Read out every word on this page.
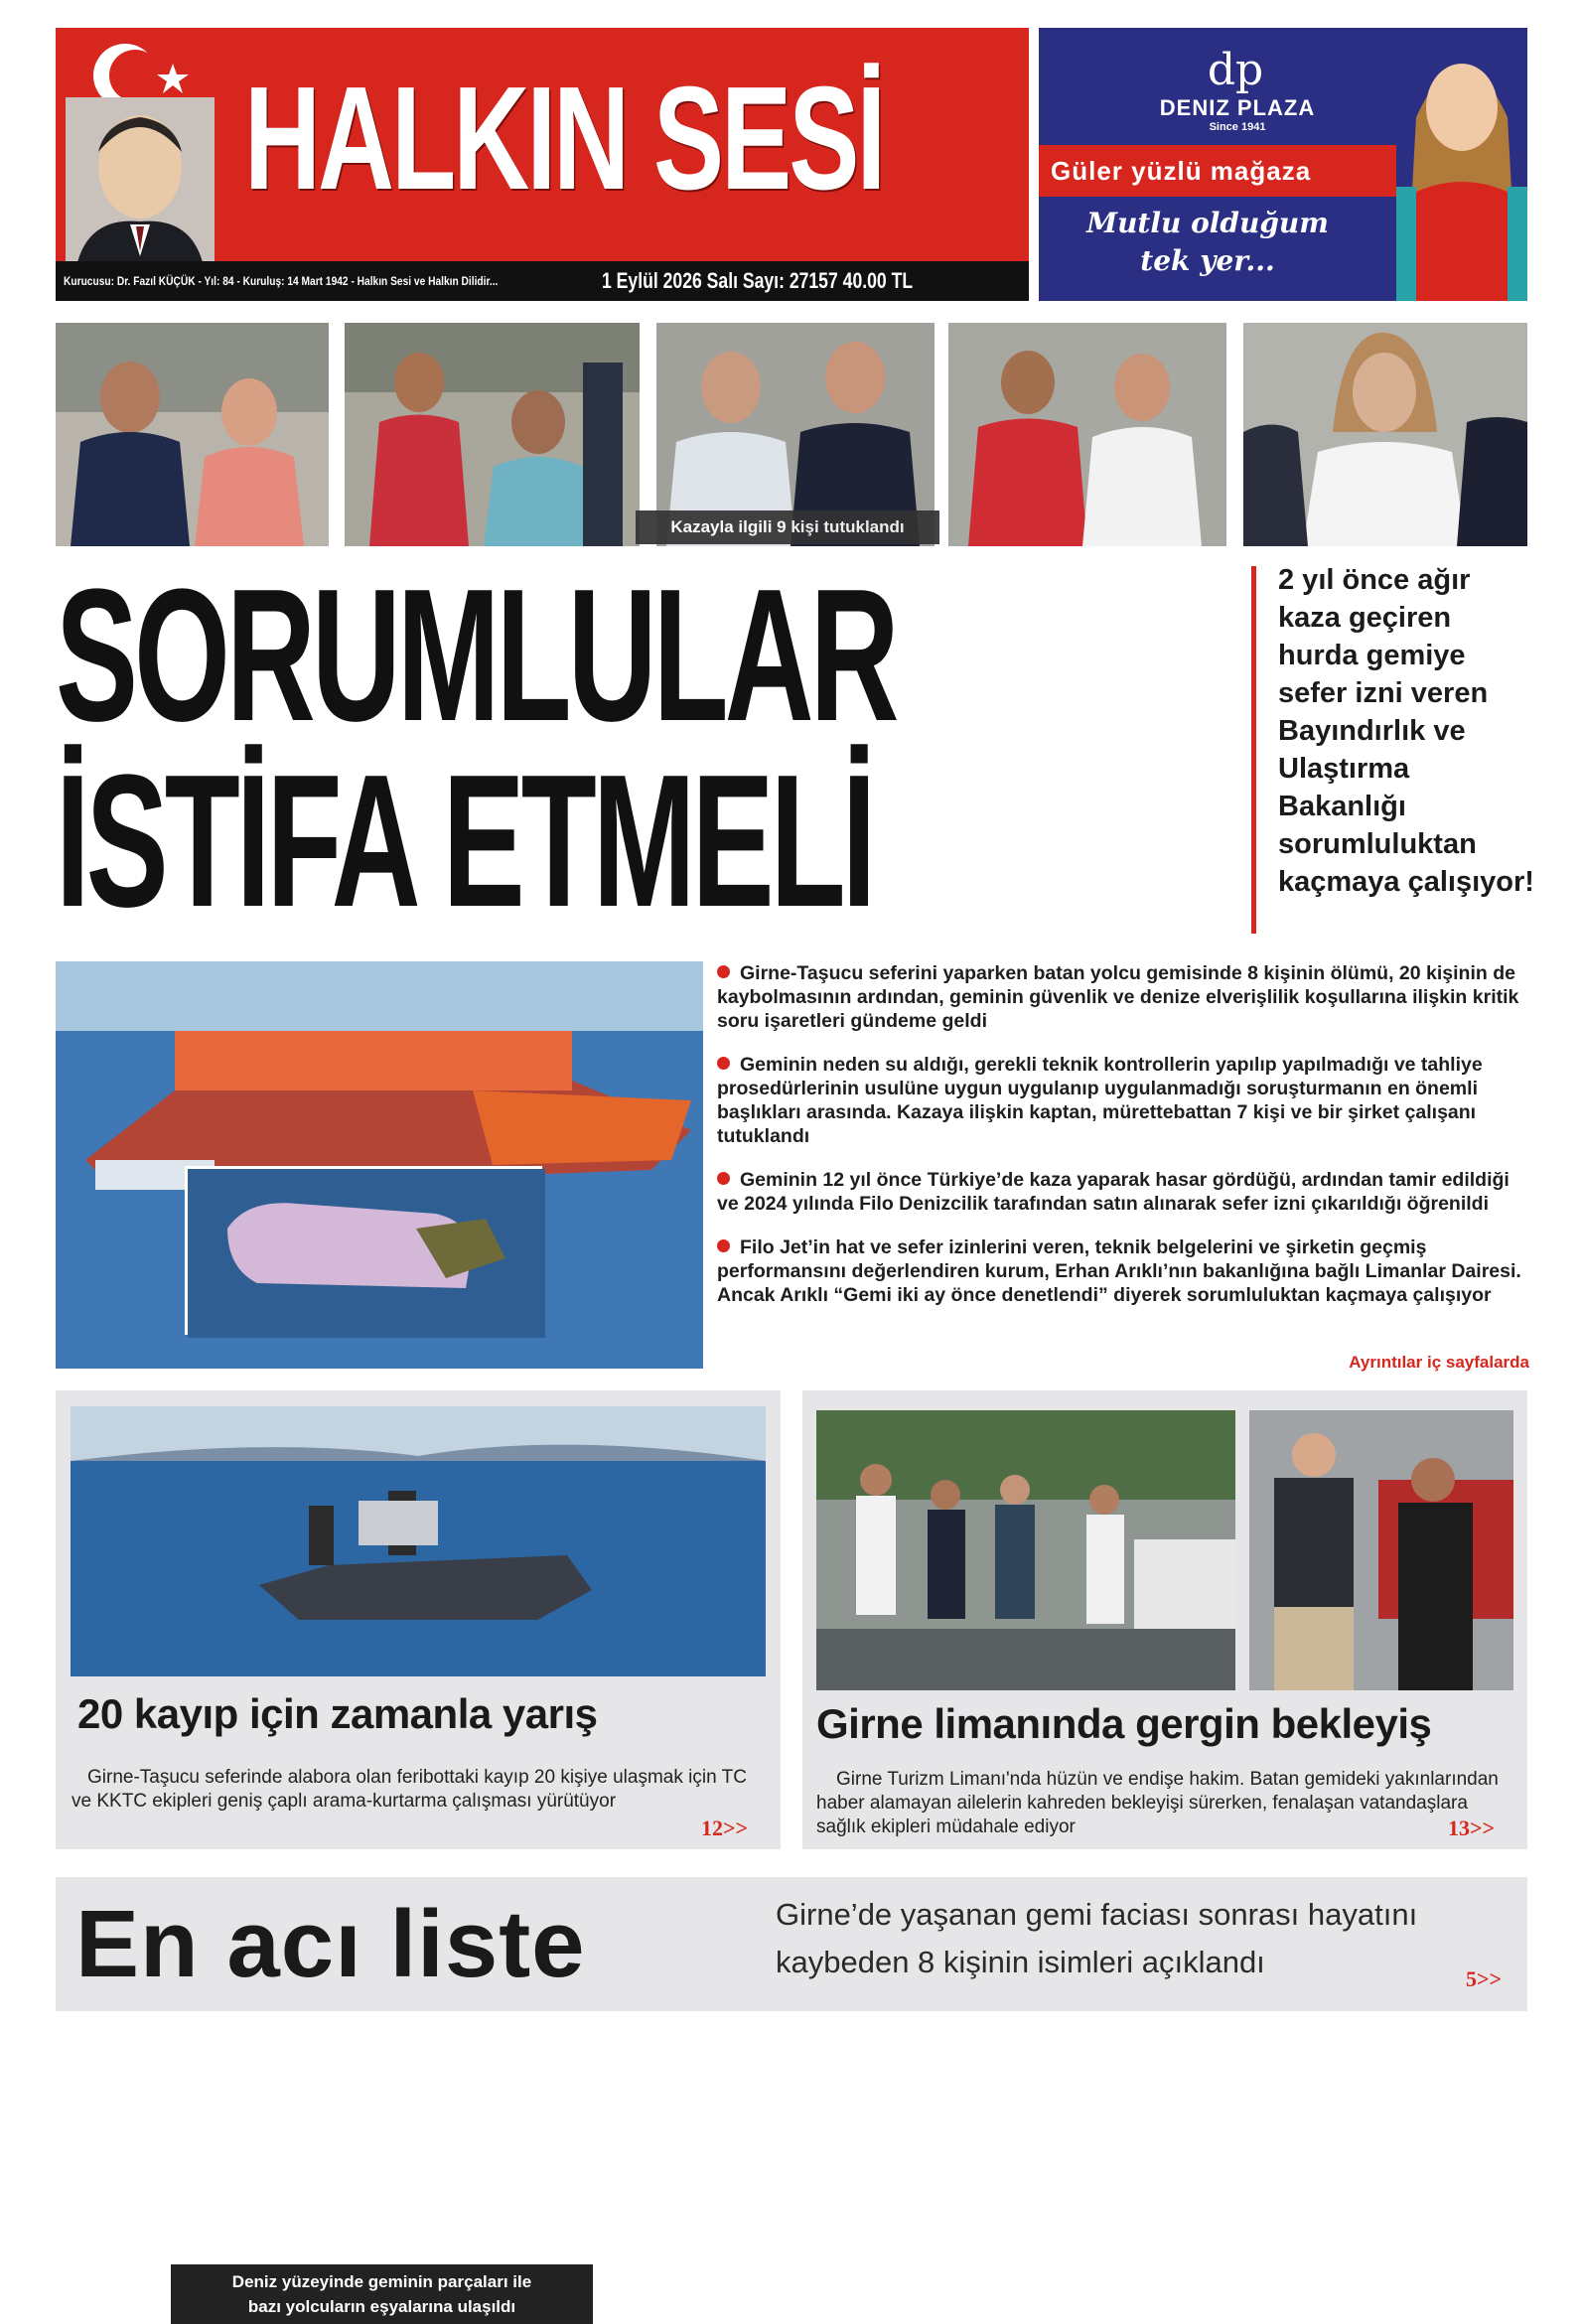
HALKIN SESİ
Kurucusu: Dr. Fazıl KÜÇÜK - Yıl: 84 - Kuruluş: 14 Mart 1942 - Halkın Sesi ve Halkın Dilidir...	1 Eylül 2026 Salı Sayı: 27157 40.00 TL
dp
DENIZ PLAZA
Since 1941
Güler yüzlü mağaza
Mutlu olduğum
tek yer...
Kazayla ilgili 9 kişi tutuklandı
SORUMLULAR
İSTİFA ETMELİ
2 yıl önce ağır kaza geçiren hurda gemiye sefer izni veren Bayındırlık ve Ulaştırma Bakanlığı sorumluluktan kaçmaya çalışıyor!
Deniz yüzeyinde geminin parçaları ile
bazı yolcuların eşyalarına ulaşıldı
Girne-Taşucu seferini yaparken batan yolcu gemisinde 8 kişinin ölümü, 20 kişinin de kaybolmasının ardından, geminin güvenlik ve denize elverişlilik koşullarına ilişkin kritik soru işaretleri gündeme geldi
Geminin neden su aldığı, gerekli teknik kontrollerin yapılıp yapılmadığı ve tahliye prosedürlerinin usulüne uygun uygulanıp uygulanmadığı soruşturmanın en önemli başlıkları arasında. Kazaya ilişkin kaptan, mürettebattan 7 kişi ve bir şirket çalışanı tutuklandı
Geminin 12 yıl önce Türkiye’de kaza yaparak hasar gördüğü, ardından tamir edildiği ve 2024 yılında Filo Denizcilik tarafından satın alınarak sefer izni çıkarıldığı öğrenildi
Filo Jet’in hat ve sefer izinlerini veren, teknik belgelerini ve şirketin geçmiş performansını değerlendiren kurum, Erhan Arıklı’nın bakanlığına bağlı Limanlar Dairesi. Ancak Arıklı “Gemi iki ay önce denetlendi” diyerek sorumluluktan kaçmaya çalışıyor
Ayrıntılar iç sayfalarda
20 kayıp için zamanla yarış
Girne-Taşucu seferinde alabora olan feribottaki kayıp 20 kişiye ulaşmak için TC ve KKTC ekipleri geniş çaplı arama-kurtarma çalışması yürütüyor
12>>
Girne limanında gergin bekleyiş
Girne Turizm Limanı'nda hüzün ve endişe hakim. Batan gemideki yakınlarından haber alamayan ailelerin kahreden bekleyişi sürerken, fenalaşan vatandaşlara sağlık ekipleri müdahale ediyor	13>>
En acı liste	Girne’de yaşanan gemi faciası sonrası hayatını kaybeden 8 kişinin isimleri açıklandı	5>>
